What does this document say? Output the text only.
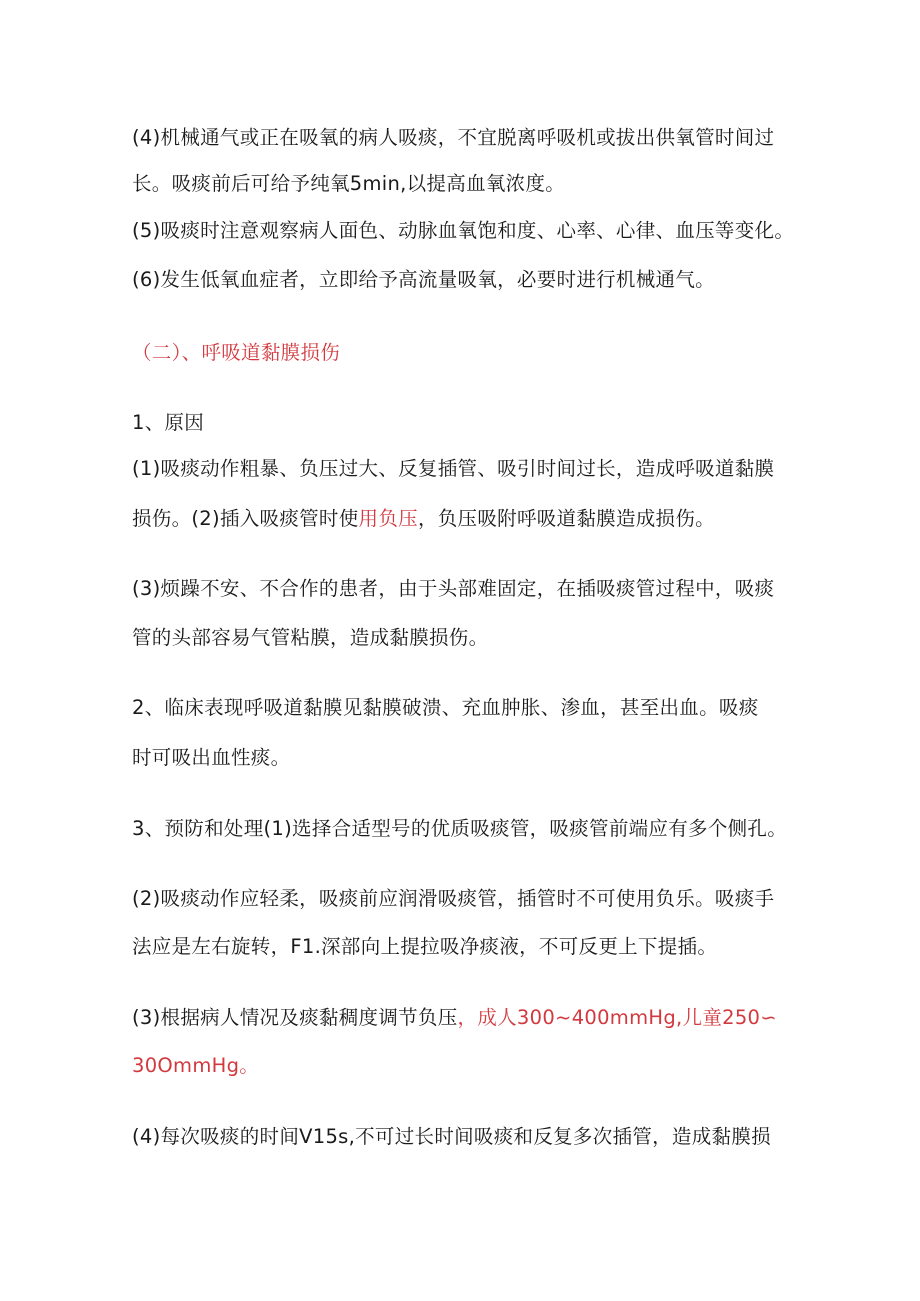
(4)机械通气或正在吸氧的病人吸痰，不宜脱离呼吸机或拔出供氧管时间过
长。吸痰前后可给予纯氧5min,以提高血氧浓度。
(5)吸痰时注意观察病人面色、动脉血氧饱和度、心率、心律、血压等变化。
(6)发生低氧血症者，立即给予高流量吸氧，必要时进行机械通气。
（二）、呼吸道黏膜损伤
1、原因
(1)吸痰动作粗暴、负压过大、反复插管、吸引时间过长，造成呼吸道黏膜
损伤。(2)插入吸痰管时使用负压，负压吸附呼吸道黏膜造成损伤。
(3)烦躁不安、不合作的患者，由于头部难固定，在插吸痰管过程中，吸痰
管的头部容易气管粘膜，造成黏膜损伤。
2、临床表现呼吸道黏膜见黏膜破溃、充血肿胀、渗血，甚至出血。吸痰
时可吸出血性痰。
3、预防和处理(1)选择合适型号的优质吸痰管，吸痰管前端应有多个侧孔。
(2)吸痰动作应轻柔，吸痰前应润滑吸痰管，插管时不可使用负乐。吸痰手
法应是左右旋转，F1.深部向上提拉吸净痰液，不可反更上下提插。
(3)根据病人情况及痰黏稠度调节负压，成人300~400mmHg,儿童250∽
30OmmHg。
(4)每次吸痰的时间V15s,不可过长时间吸痰和反复多次插管，造成黏膜损
